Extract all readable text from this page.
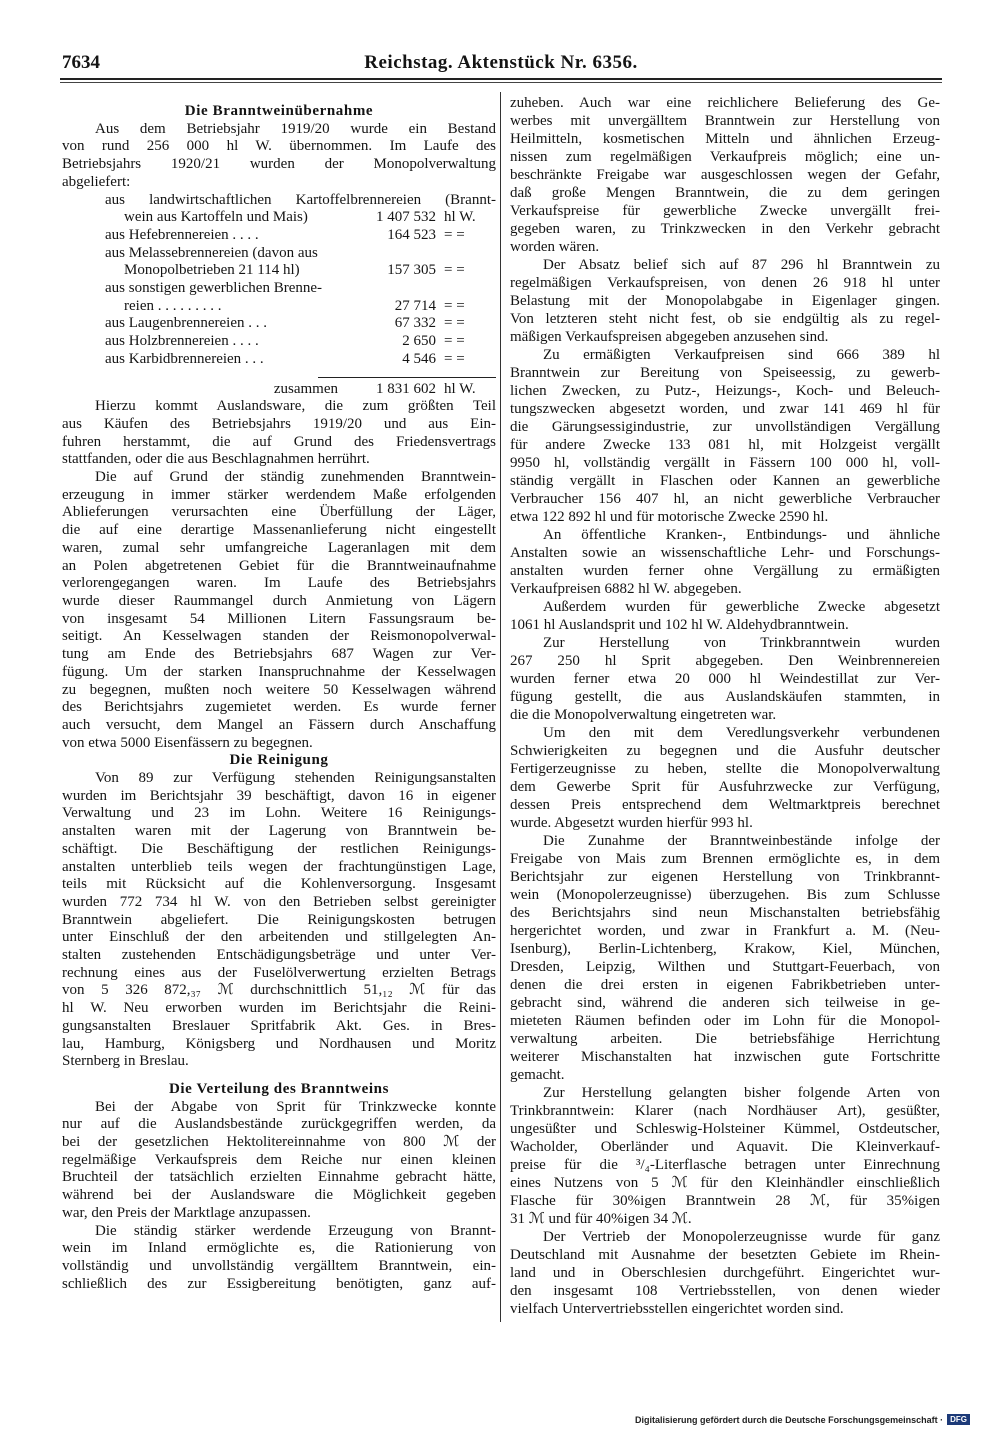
7634	Reichstag. Aktenstück Nr. 6356.
Die Branntweinübernahme
Aus dem Betriebsjahr 1919/20 wurde ein Bestand
von rund 256 000 hl W. übernommen. Im Laufe des
Betriebsjahrs 1920/21 wurden der Monopolverwaltung
abgeliefert:
aus landwirtschaftlichen Kartoffelbrennereien (Brannt-
wein aus Kartoffeln und Mais)	1 407 532 hl W.
aus Hefebrennereien . . . .	164 523 = =
aus Melassebrennereien (davon aus
Monopolbetrieben 21 114 hl)	157 305 = =
aus sonstigen gewerblichen Brenne-
reien . . . . . . . . .	27 714 = =
aus Laugenbrennereien . . .	67 332 = =
aus Holzbrennereien . . . .	2 650 = =
aus Karbidbrennereien . . .	4 546 = =
zusammen	1 831 602 hl W.
Hierzu kommt Auslandsware, die zum größten Teil
aus Käufen des Betriebsjahrs 1919/20 und aus Ein-
fuhren herstammt, die auf Grund des Friedensvertrags
stattfanden, oder die aus Beschlagnahmen herrührt.
Die auf Grund der ständig zunehmenden Branntwein-
erzeugung in immer stärker werdendem Maße erfolgenden
Ablieferungen verursachten eine Überfüllung der Läger,
die auf eine derartige Massenanlieferung nicht eingestellt
waren, zumal sehr umfangreiche Lageranlagen mit dem
an Polen abgetretenen Gebiet für die Branntweinaufnahme
verlorengegangen waren. Im Laufe des Betriebsjahrs
wurde dieser Raummangel durch Anmietung von Lägern
von insgesamt 54 Millionen Litern Fassungsraum be-
seitigt. An Kesselwagen standen der Reismonopolverwal-
tung am Ende des Betriebsjahrs 687 Wagen zur Ver-
fügung. Um der starken Inanspruchnahme der Kesselwagen
zu begegnen, mußten noch weitere 50 Kesselwagen während
des Berichtsjahrs zugemietet werden. Es wurde ferner
auch versucht, dem Mangel an Fässern durch Anschaffung
von etwa 5000 Eisenfässern zu begegnen.
Die Reinigung
Von 89 zur Verfügung stehenden Reinigungsanstalten
wurden im Berichtsjahr 39 beschäftigt, davon 16 in eigener
Verwaltung und 23 im Lohn. Weitere 16 Reinigungs-
anstalten waren mit der Lagerung von Branntwein be-
schäftigt. Die Beschäftigung der restlichen Reinigungs-
anstalten unterblieb teils wegen der frachtungünstigen Lage,
teils mit Rücksicht auf die Kohlenversorgung. Insgesamt
wurden 772 734 hl W. von den Betrieben selbst gereinigter
Branntwein abgeliefert. Die Reinigungskosten betrugen
unter Einschluß der den arbeitenden und stillgelegten An-
stalten zustehenden Entschädigungsbeträge und unter Ver-
rechnung eines aus der Fuselölverwertung erzielten Betrags
von 5 326 872,₃₇ ℳ durchschnittlich 51,₁₂ ℳ für das
hl W. Neu erworben wurden im Berichtsjahr die Reini-
gungsanstalten Breslauer Spritfabrik Akt. Ges. in Bres-
lau, Hamburg, Königsberg und Nordhausen und Moritz
Sternberg in Breslau.
Die Verteilung des Branntweins
Bei der Abgabe von Sprit für Trinkzwecke konnte
nur auf die Auslandsbestände zurückgegriffen werden, da
bei der gesetzlichen Hektolitereinnahme von 800 ℳ der
regelmäßige Verkaufspreis dem Reiche nur einen kleinen
Bruchteil der tatsächlich erzielten Einnahme gebracht hätte,
während bei der Auslandsware die Möglichkeit gegeben
war, den Preis der Marktlage anzupassen.
Die ständig stärker werdende Erzeugung von Brannt-
wein im Inland ermöglichte es, die Rationierung von
vollständig und unvollständig vergälltem Branntwein, ein-
schließlich des zur Essigbereitung benötigten, ganz auf-
zuheben. Auch war eine reichlichere Belieferung des Ge-
werbes mit unvergälltem Branntwein zur Herstellung von
Heilmitteln, kosmetischen Mitteln und ähnlichen Erzeug-
nissen zum regelmäßigen Verkaufpreis möglich; eine un-
beschränkte Freigabe war ausgeschlossen wegen der Gefahr,
daß große Mengen Branntwein, die zu dem geringen
Verkaufspreise für gewerbliche Zwecke unvergällt frei-
gegeben waren, zu Trinkzwecken in den Verkehr gebracht
worden wären.
Der Absatz belief sich auf 87 296 hl Branntwein zu
regelmäßigen Verkaufspreisen, von denen 26 918 hl unter
Belastung mit der Monopolabgabe in Eigenlager gingen.
Von letzteren steht nicht fest, ob sie endgültig als zu regel-
mäßigen Verkaufspreisen abgegeben anzusehen sind.
Zu ermäßigten Verkaufpreisen sind 666 389 hl
Branntwein zur Bereitung von Speiseessig, zu gewerb-
lichen Zwecken, zu Putz-, Heizungs-, Koch- und Beleuch-
tungszwecken abgesetzt worden, und zwar 141 469 hl für
die Gärungsessigindustrie, zur unvollständigen Vergällung
für andere Zwecke 133 081 hl, mit Holzgeist vergällt
9950 hl, vollständig vergällt in Fässern 100 000 hl, voll-
ständig vergällt in Flaschen oder Kannen an gewerbliche
Verbraucher 156 407 hl, an nicht gewerbliche Verbraucher
etwa 122 892 hl und für motorische Zwecke 2590 hl.
An öffentliche Kranken-, Entbindungs- und ähnliche
Anstalten sowie an wissenschaftliche Lehr- und Forschungs-
anstalten wurden ferner ohne Vergällung zu ermäßigten
Verkaufpreisen 6882 hl W. abgegeben.
Außerdem wurden für gewerbliche Zwecke abgesetzt
1061 hl Auslandsprit und 102 hl W. Aldehydbranntwein.
Zur Herstellung von Trinkbranntwein wurden
267 250 hl Sprit abgegeben. Den Weinbrennereien
wurden ferner etwa 20 000 hl Weindestillat zur Ver-
fügung gestellt, die aus Auslandskäufen stammten, in
die die Monopolverwaltung eingetreten war.
Um den mit dem Veredlungsverkehr verbundenen
Schwierigkeiten zu begegnen und die Ausfuhr deutscher
Fertigerzeugnisse zu heben, stellte die Monopolverwaltung
dem Gewerbe Sprit für Ausfuhrzwecke zur Verfügung,
dessen Preis entsprechend dem Weltmarktpreis berechnet
wurde. Abgesetzt wurden hierfür 993 hl.
Die Zunahme der Branntweinbestände infolge der
Freigabe von Mais zum Brennen ermöglichte es, in dem
Berichtsjahr zur eigenen Herstellung von Trinkbrannt-
wein (Monopolerzeugnisse) überzugehen. Bis zum Schlusse
des Berichtsjahrs sind neun Mischanstalten betriebsfähig
hergerichtet worden, und zwar in Frankfurt a. M. (Neu-
Isenburg), Berlin-Lichtenberg, Krakow, Kiel, München,
Dresden, Leipzig, Wilthen und Stuttgart-Feuerbach, von
denen die drei ersten in eigenen Fabrikbetrieben unter-
gebracht sind, während die anderen sich teilweise in ge-
mieteten Räumen befinden oder im Lohn für die Monopol-
verwaltung arbeiten. Die betriebsfähige Herrichtung
weiterer Mischanstalten hat inzwischen gute Fortschritte
gemacht.
Zur Herstellung gelangten bisher folgende Arten von
Trinkbranntwein: Klarer (nach Nordhäuser Art), gesüßter,
ungesüßter und Schleswig-Holsteiner Kümmel, Ostdeutscher,
Wacholder, Oberländer und Aquavit. Die Kleinverkauf-
preise für die ³/₄-Literflasche betragen unter Einrechnung
eines Nutzens von 5 ℳ für den Kleinhändler einschließlich
Flasche für 30%igen Branntwein 28 ℳ, für 35%igen
31 ℳ und für 40%igen 34 ℳ.
Der Vertrieb der Monopolerzeugnisse wurde für ganz
Deutschland mit Ausnahme der besetzten Gebiete im Rhein-
land und in Oberschlesien durchgeführt. Eingerichtet wur-
den insgesamt 108 Vertriebsstellen, von denen wieder
vielfach Untervertriebsstellen eingerichtet worden sind.
Digitalisierung gefördert durch die Deutsche Forschungsgemeinschaft · DFG
